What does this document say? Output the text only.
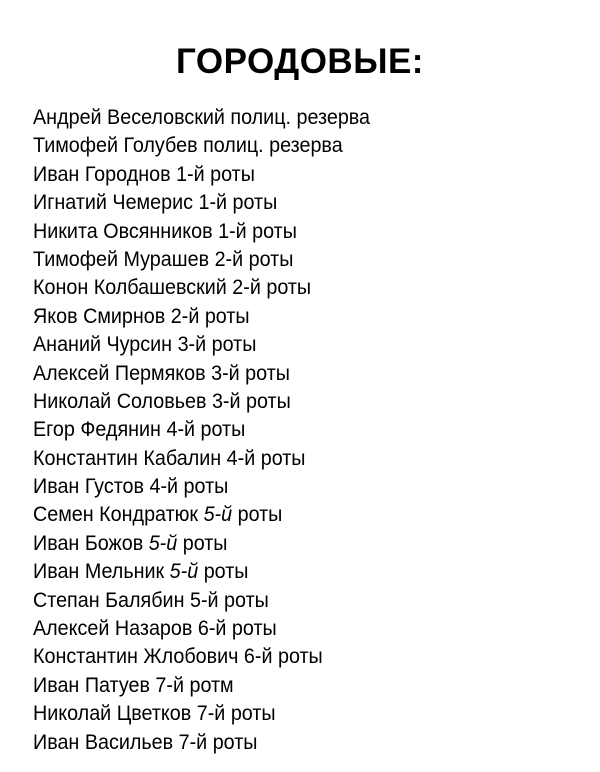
ГОРОДОВЫЕ:
Андрей Веселовский полиц. резерва
Тимофей Голубев полиц. резерва
Иван Городнов 1-й роты
Игнатий Чемерис 1-й роты
Никита Овсянников 1-й роты
Тимофей Мурашев 2-й роты
Конон Колбашевский 2-й роты
Яков Смирнов 2-й роты
Ананий Чурсин 3-й роты
Алексей Пермяков 3-й роты
Николай Соловьев 3-й роты
Егор Федянин 4-й роты
Константин Кабалин 4-й роты
Иван Густов 4-й роты
Семен Кондратюк 5-й роты
Иван Божов 5-й роты
Иван Мельник 5-й роты
Степан Балябин 5-й роты
Алексей Назаров 6-й роты
Константин Жлобович 6-й роты
Иван Патуев 7-й ротм
Николай Цветков 7-й роты
Иван Васильев 7-й роты
